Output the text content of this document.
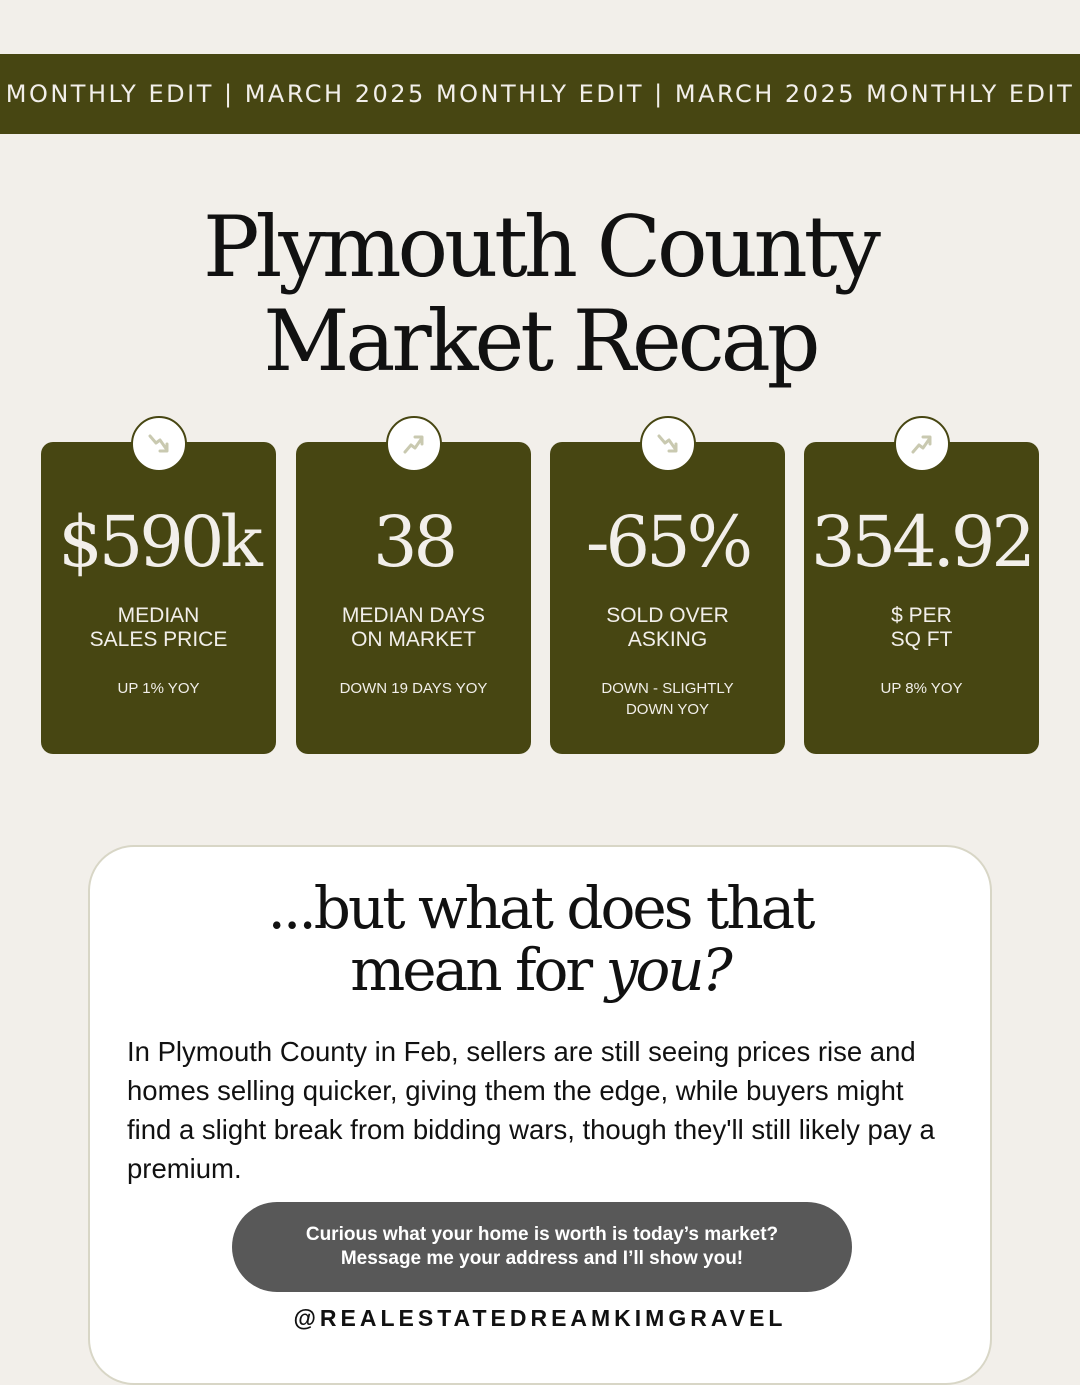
MONTHLY EDIT | MARCH 2025 MONTHLY EDIT | MARCH 2025 MONTHLY EDIT
Plymouth County
Market Recap
$590k
MEDIAN
SALES PRICE
UP 1% YOY
38
MEDIAN DAYS
ON MARKET
DOWN 19 DAYS YOY
-65%
SOLD OVER
ASKING
DOWN - SLIGHTLY DOWN YOY
354.92
$ PER
SQ FT
UP 8% YOY
...but what does that
mean for you?
In Plymouth County in Feb, sellers are still seeing prices rise and homes selling quicker, giving them the edge, while buyers might find a slight break from bidding wars, though they'll still likely pay a premium.
Curious what your home is worth is today’s market?
Message me your address and I’ll show you!
@REALESTATEDREAMKIMGRAVEL
